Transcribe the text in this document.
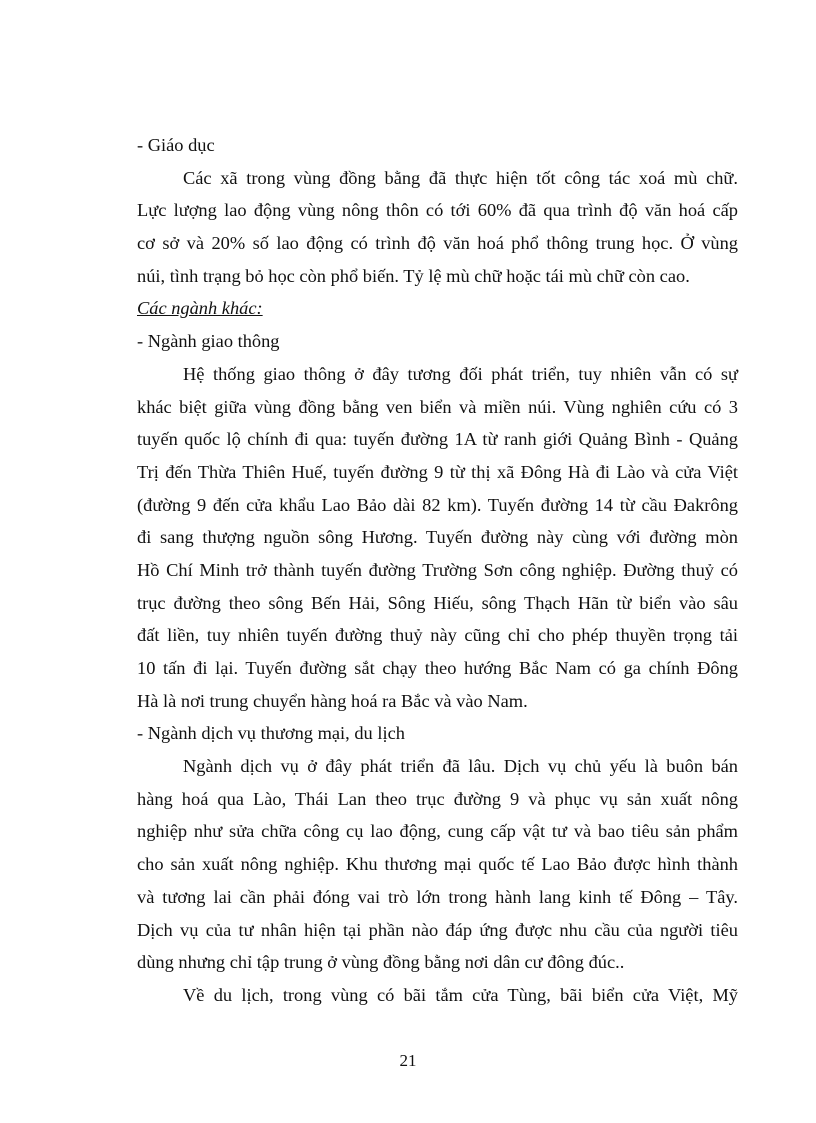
- Giáo dục
Các xã trong vùng đồng bằng đã thực hiện tốt công tác xoá mù chữ.
Lực lượng lao động vùng nông thôn có tới 60% đã qua trình độ văn hoá cấp
cơ sở và 20% số lao động có trình độ văn hoá phổ thông trung học. Ở vùng
núi, tình trạng bỏ học còn phổ biến. Tỷ lệ mù chữ hoặc tái mù chữ còn cao.
Các ngành khác:
- Ngành giao thông
Hệ thống giao thông ở đây tương đối phát triển, tuy nhiên vẫn có sự
khác biệt giữa vùng đồng bằng ven biển và miền núi. Vùng nghiên cứu có 3
tuyến quốc lộ chính đi qua: tuyến đường 1A từ ranh giới Quảng Bình - Quảng
Trị đến Thừa Thiên Huế, tuyến đường 9 từ thị xã Đông Hà đi Lào và cửa Việt
(đường 9 đến cửa khẩu Lao Bảo dài 82 km). Tuyến đường 14 từ cầu Đakrông
đi sang thượng nguồn sông Hương. Tuyến đường này cùng với đường mòn
Hồ Chí Minh trở thành tuyến đường Trường Sơn công nghiệp. Đường thuỷ có
trục đường theo sông Bến Hải, Sông Hiếu, sông Thạch Hãn từ biển vào sâu
đất liền, tuy nhiên tuyến đường thuỷ này cũng chỉ cho phép thuyền trọng tải
10 tấn đi lại. Tuyến đường sắt chạy theo hướng Bắc Nam có ga chính Đông
Hà là nơi trung chuyển hàng hoá ra Bắc và vào Nam.
- Ngành dịch vụ thương mại, du lịch
Ngành dịch vụ ở đây phát triển đã lâu. Dịch vụ chủ yếu là buôn bán
hàng hoá qua Lào, Thái Lan theo trục đường 9 và phục vụ sản xuất nông
nghiệp như sửa chữa công cụ lao động, cung cấp vật tư và bao tiêu sản phẩm
cho sản xuất nông nghiệp. Khu thương mại quốc tế Lao Bảo được hình thành
và tương lai cần phải đóng vai trò lớn trong hành lang kinh tế Đông – Tây.
Dịch vụ của tư nhân hiện tại phần nào đáp ứng được nhu cầu của người tiêu
dùng nhưng chỉ tập trung ở vùng đồng bằng nơi dân cư đông đúc..
Về du lịch, trong vùng có bãi tắm cửa Tùng, bãi biển cửa Việt, Mỹ
21
